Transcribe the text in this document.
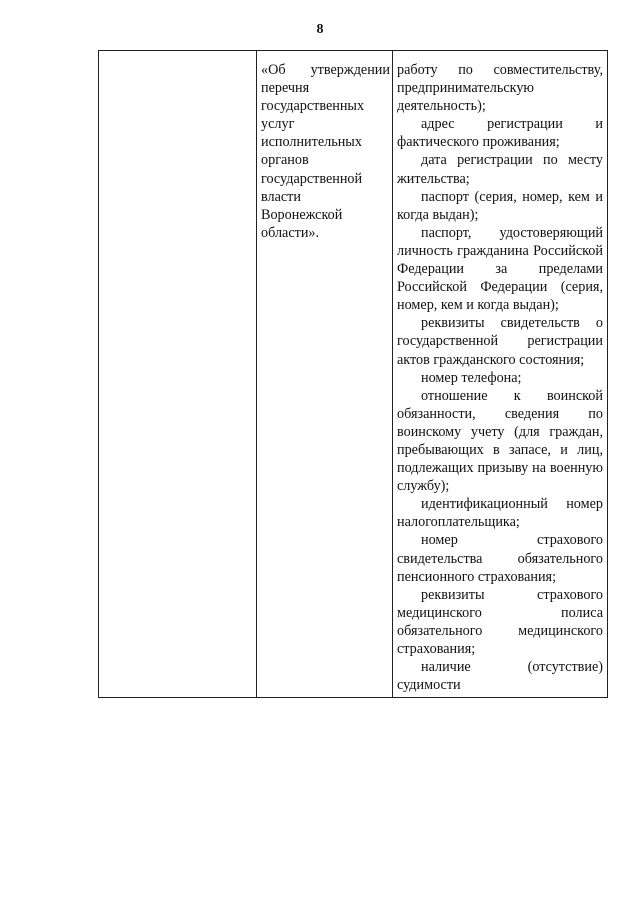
8
«Об утверждении
перечня
государственных
услуг
исполнительных
органов
государственной
власти
Воронежской
области».

работу по совместительству, предпринимательскую деятельность);

адрес регистрации и фактического проживания;

дата регистрации по месту жительства;

паспорт (серия, номер, кем и когда выдан);

паспорт, удостоверяющий личность гражданина Российской Федерации за пределами Российской Федерации (серия, номер, кем и когда выдан);

реквизиты свидетельств о государственной регистрации актов гражданского состояния;

номер телефона;

отношение к воинской обязанности, сведения по воинскому учету (для граждан, пребывающих в запасе, и лиц, подлежащих призыву на военную службу);

идентификационный номер налогоплательщика;

номер страхового свидетельства обязательного пенсионного страхования;

реквизиты страхового медицинского полиса обязательного медицинского страхования;

наличие (отсутствие) судимости
